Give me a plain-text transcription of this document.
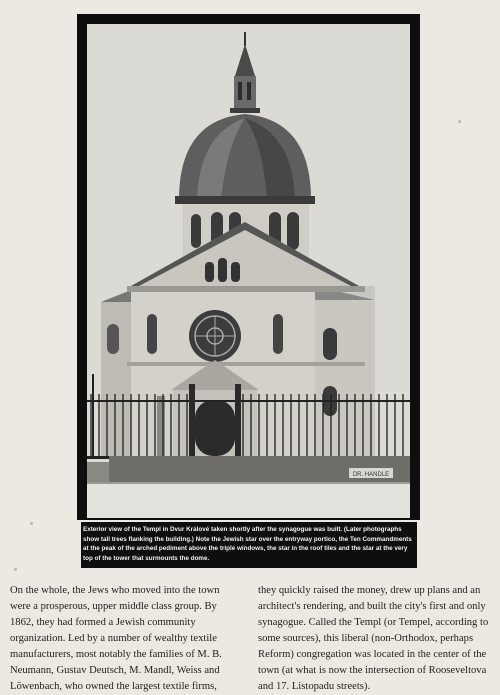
DR. HANDLE
Exterior view of the Templ in Dvur Králové taken shortly after the synagogue was built. (Later photographs show tall trees flanking the building.) Note the Jewish star over the entryway portico, the Ten Commandments at the peak of the arched pediment above the triple windows, the star in the roof tiles and the star at the very top of the tower that surmounts the dome.
On the whole, the Jews who moved into the town were a prosperous, upper middle class group. By 1862, they had formed a Jewish community organization. Led by a number of wealthy textile manufacturers, most notably the families of M. B. Neumann, Gustav Deutsch, M. Mandl, Weiss and Löwenbach, who owned the largest textile firms,
they quickly raised the money, drew up plans and an architect's rendering, and built the city's first and only synagogue. Called the Templ (or Tempel, according to some sources), this liberal (non-Orthodox, perhaps Reform) congregation was located in the center of the town (at what is now the intersection of Rooseveltova and 17. Listopadu streets).
